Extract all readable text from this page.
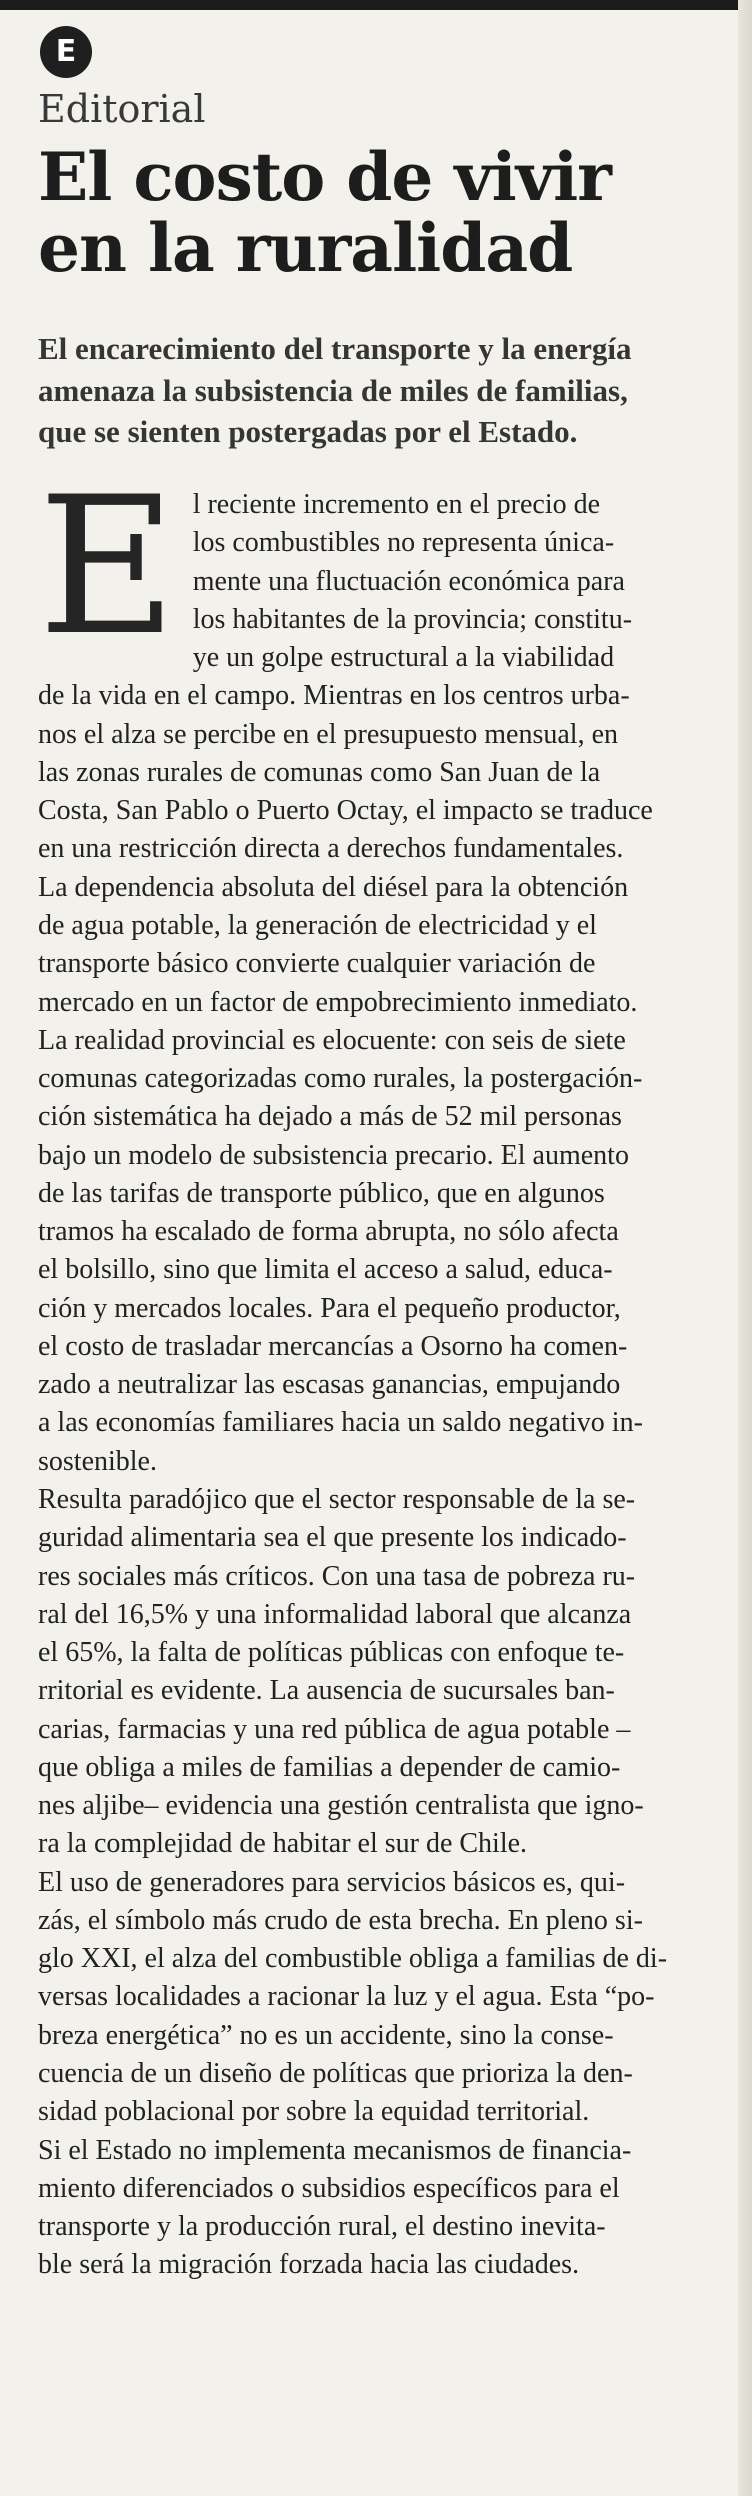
E
Editorial
El costo de vivir
en la ruralidad
El encarecimiento del transporte y la energía
amenaza la subsistencia de miles de familias,
que se sienten postergadas por el Estado.
E l reciente incremento en el precio de
los combustibles no representa única-
mente una fluctuación económica para
los habitantes de la provincia; constitu-
ye un golpe estructural a la viabilidad
de la vida en el campo. Mientras en los centros urba-
nos el alza se percibe en el presupuesto mensual, en
las zonas rurales de comunas como San Juan de la
Costa, San Pablo o Puerto Octay, el impacto se traduce
en una restricción directa a derechos fundamentales.
La dependencia absoluta del diésel para la obtención
de agua potable, la generación de electricidad y el
transporte básico convierte cualquier variación de
mercado en un factor de empobrecimiento inmediato.

La realidad provincial es elocuente: con seis de siete
comunas categorizadas como rurales, la postergación-
ción sistemática ha dejado a más de 52 mil personas
bajo un modelo de subsistencia precario. El aumento
de las tarifas de transporte público, que en algunos
tramos ha escalado de forma abrupta, no sólo afecta
el bolsillo, sino que limita el acceso a salud, educa-
ción y mercados locales. Para el pequeño productor,
el costo de trasladar mercancías a Osorno ha comen-
zado a neutralizar las escasas ganancias, empujando
a las economías familiares hacia un saldo negativo in-
sostenible.

Resulta paradójico que el sector responsable de la se-
guridad alimentaria sea el que presente los indicado-
res sociales más críticos. Con una tasa de pobreza ru-
ral del 16,5% y una informalidad laboral que alcanza
el 65%, la falta de políticas públicas con enfoque te-
rritorial es evidente. La ausencia de sucursales ban-
carias, farmacias y una red pública de agua potable –
que obliga a miles de familias a depender de camio-
nes aljibe– evidencia una gestión centralista que igno-
ra la complejidad de habitar el sur de Chile.

El uso de generadores para servicios básicos es, qui-
zás, el símbolo más crudo de esta brecha. En pleno si-
glo XXI, el alza del combustible obliga a familias de di-
versas localidades a racionar la luz y el agua. Esta “po-
breza energética” no es un accidente, sino la conse-
cuencia de un diseño de políticas que prioriza la den-
sidad poblacional por sobre la equidad territorial.

Si el Estado no implementa mecanismos de financia-
miento diferenciados o subsidios específicos para el
transporte y la producción rural, el destino inevita-
ble será la migración forzada hacia las ciudades.
